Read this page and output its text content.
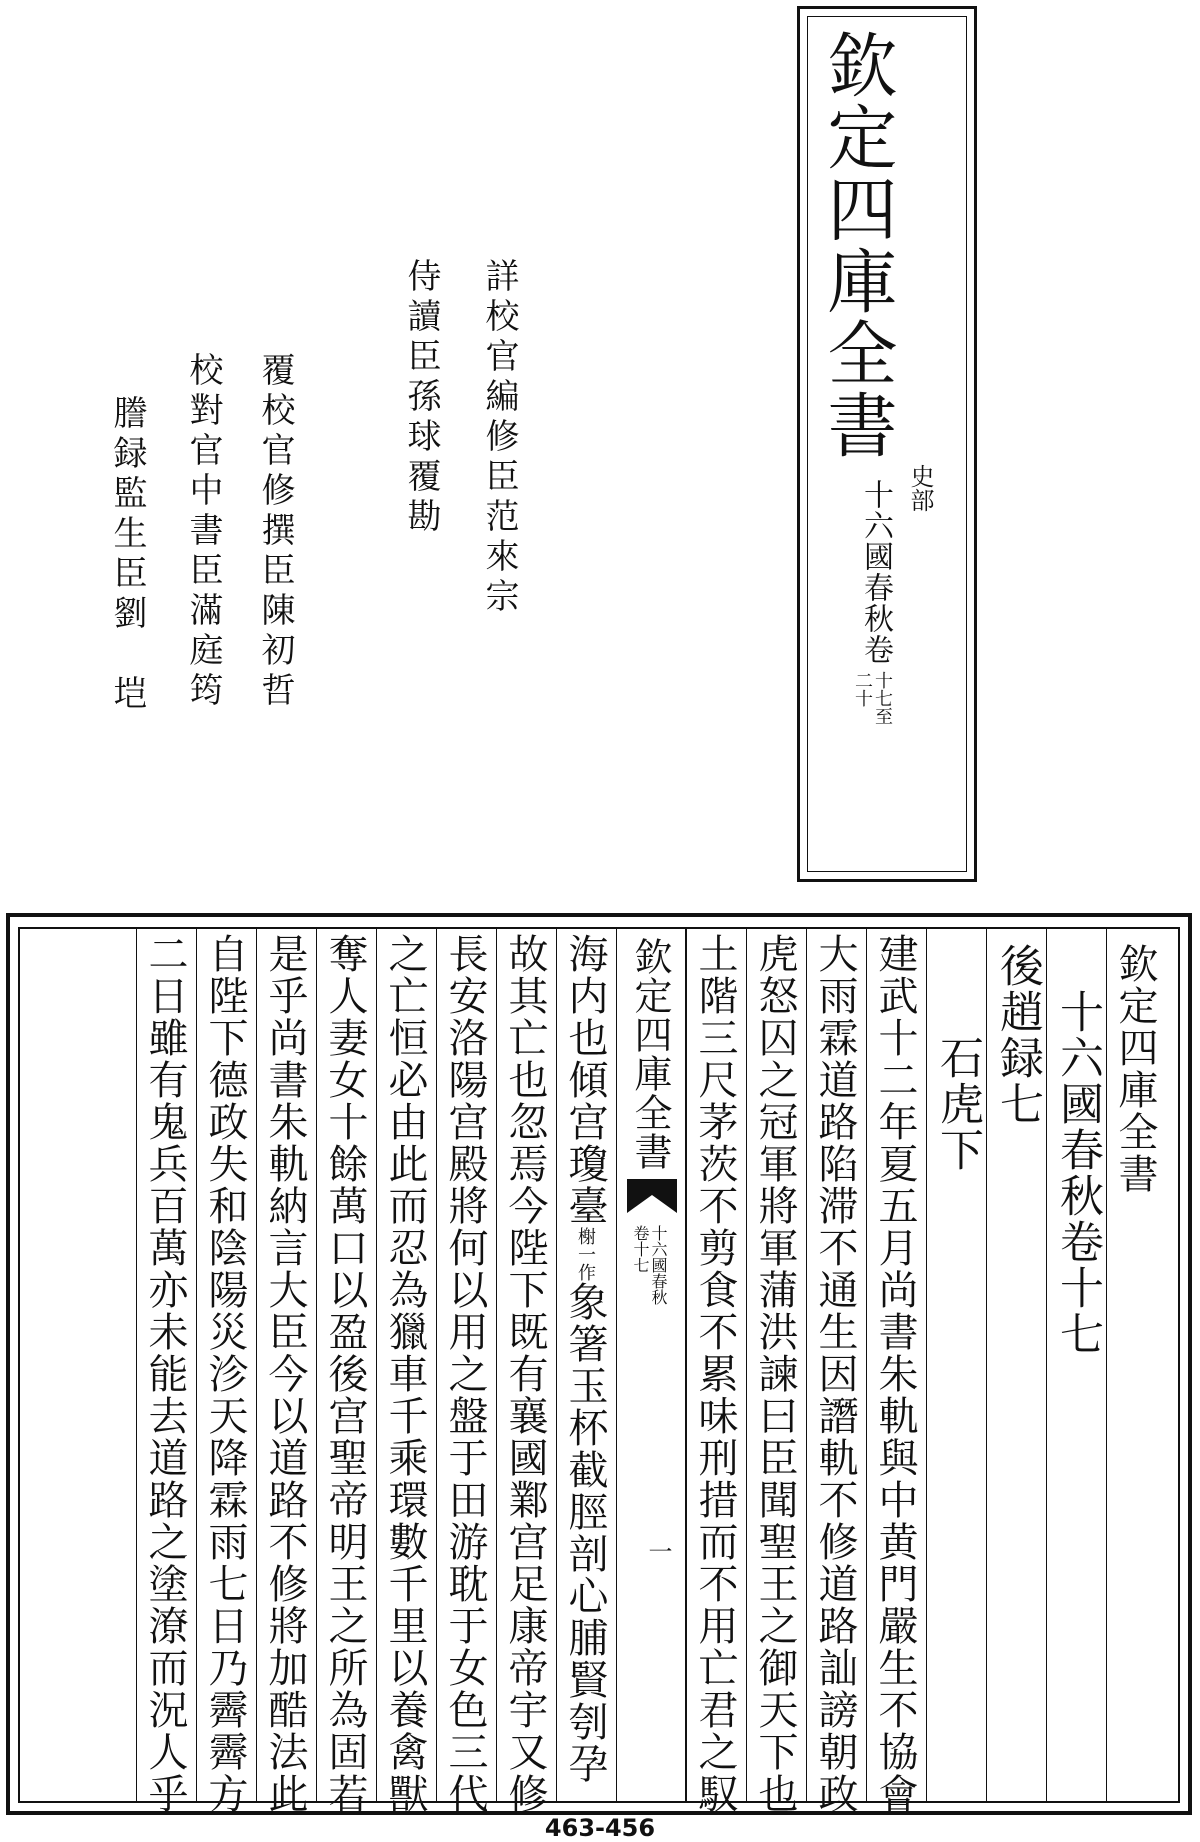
欽定四庫全書
史部
十六國春秋卷
十七至
二十
詳校官編修臣范來宗
侍讀臣孫球覆勘
覆校官修撰臣陳初哲
校對官中書臣滿庭筠
謄録監生臣劉　垲
欽定四庫全書
十六國春秋卷十七
後趙録七
　石虎下
建武十二年夏五月尚書朱軌與中黄門嚴生不協會
大雨霖道路陷滞不通生因譖軌不修道路訕謗朝政
虎怒囚之冠軍將軍蒲洪諫曰臣聞聖王之御天下也
土階三尺茅茨不剪食不累味刑措而不用亡君之馭
欽定四庫全書
十六國春秋
卷十七
一
海内也傾宫瓊臺榭一作象箸玉杯截脛剖心脯賢刳孕
故其亡也忽焉今陛下既有襄國鄴宫足康帝宇又修
長安洛陽宫殿將何以用之盤于田游耽于女色三代
之亡恒必由此而忍為獵車千乘環數千里以養禽獸
奪人妻女十餘萬口以盈後宫聖帝明王之所為固若
是乎尚書朱軌納言大臣今以道路不修將加酷法此
自陛下德政失和陰陽災沴天降霖雨七日乃霽霽方
二日雖有鬼兵百萬亦未能去道路之塗潦而況人乎
463-456
